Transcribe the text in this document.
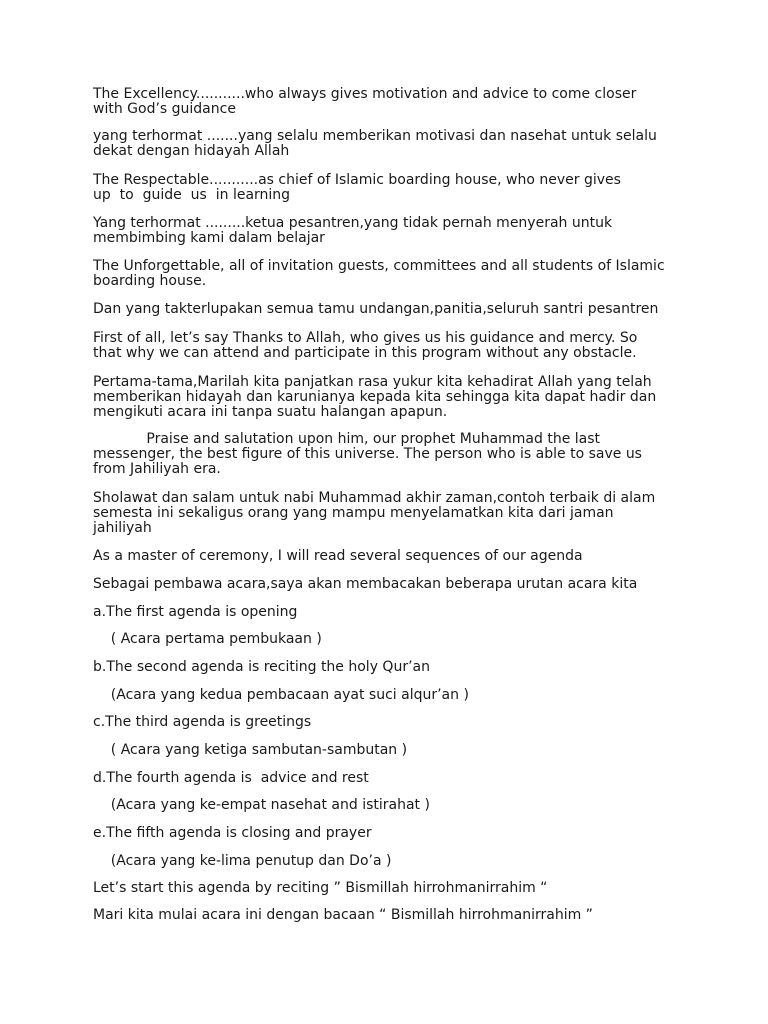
The Excellency...........who always gives motivation and advice to come closer
with God’s guidance
yang terhormat .......yang selalu memberikan motivasi dan nasehat untuk selalu
dekat dengan hidayah Allah
The Respectable...........as chief of Islamic boarding house, who never gives
up  to  guide  us  in learning
Yang terhormat .........ketua pesantren,yang tidak pernah menyerah untuk
membimbing kami dalam belajar
The Unforgettable, all of invitation guests, committees and all students of Islamic
boarding house.
Dan yang takterlupakan semua tamu undangan,panitia,seluruh santri pesantren
First of all, let’s say Thanks to Allah, who gives us his guidance and mercy. So
that why we can attend and participate in this program without any obstacle.
Pertama-tama,Marilah kita panjatkan rasa yukur kita kehadirat Allah yang telah
memberikan hidayah dan karunianya kepada kita sehingga kita dapat hadir dan
mengikuti acara ini tanpa suatu halangan apapun.
Praise and salutation upon him, our prophet Muhammad the last
messenger, the best figure of this universe. The person who is able to save us
from Jahiliyah era.
Sholawat dan salam untuk nabi Muhammad akhir zaman,contoh terbaik di alam
semesta ini sekaligus orang yang mampu menyelamatkan kita dari jaman
jahiliyah
As a master of ceremony, I will read several sequences of our agenda
Sebagai pembawa acara,saya akan membacakan beberapa urutan acara kita
a.The first agenda is opening
( Acara pertama pembukaan )
b.The second agenda is reciting the holy Qur’an
(Acara yang kedua pembacaan ayat suci alqur’an )
c.The third agenda is greetings
( Acara yang ketiga sambutan-sambutan )
d.The fourth agenda is  advice and rest
(Acara yang ke-empat nasehat and istirahat )
e.The fifth agenda is closing and prayer
(Acara yang ke-lima penutup dan Do’a )
Let’s start this agenda by reciting ” Bismillah hirrohmanirrahim “
Mari kita mulai acara ini dengan bacaan “ Bismillah hirrohmanirrahim ”
